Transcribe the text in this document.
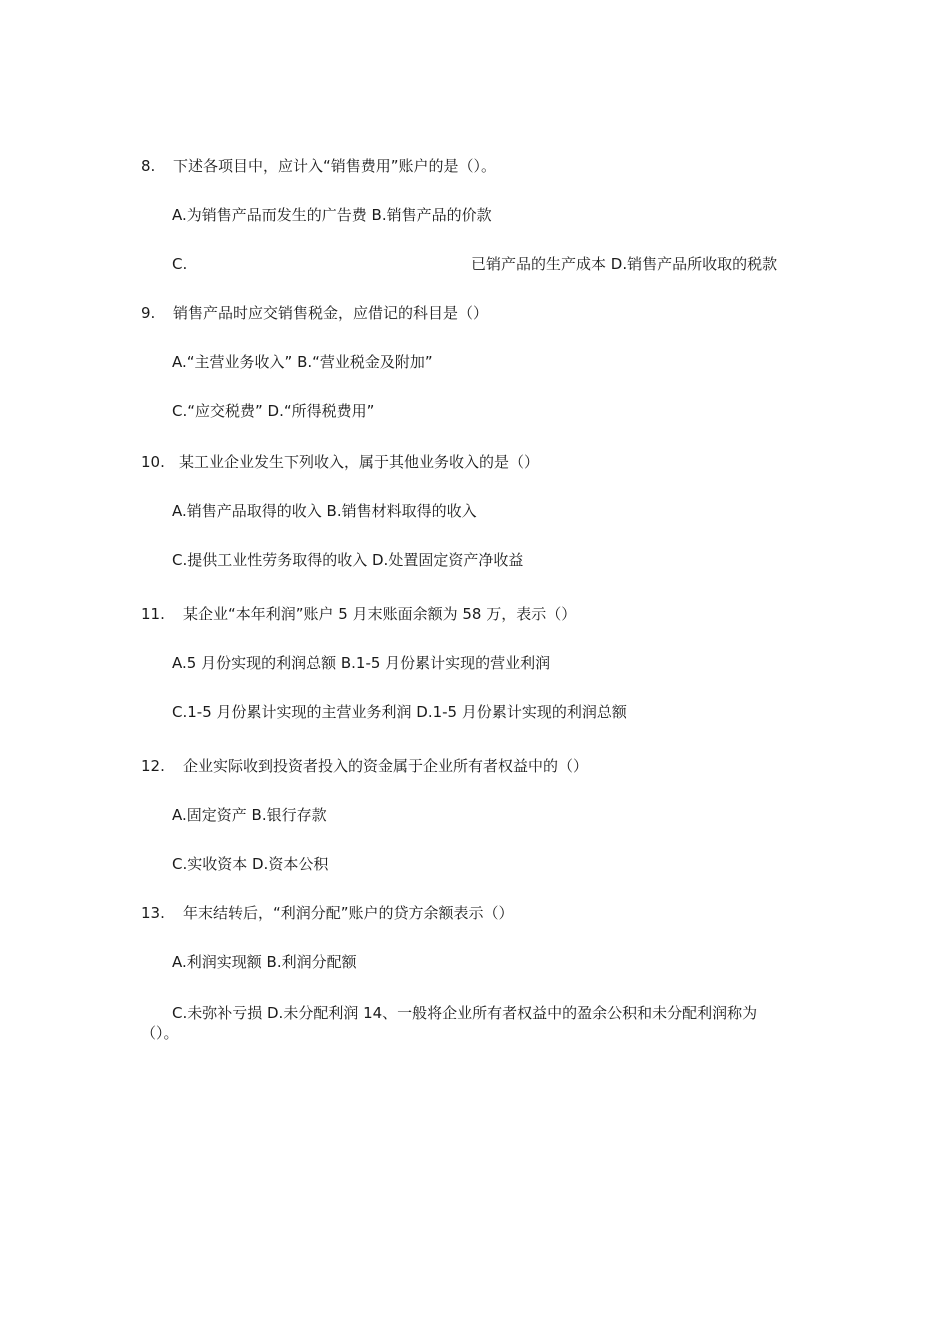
8. 下述各项目中，应计入“销售费用”账户的是（）。
A.为销售产品而发生的广告费 B.销售产品的价款
C.	已销产品的生产成本 D.销售产品所收取的税款
9. 销售产品时应交销售税金，应借记的科目是（）
A.“主营业务收入” B.“营业税金及附加”
C.“应交税费” D.“所得税费用”
10. 某工业企业发生下列收入，属于其他业务收入的是（）
A.销售产品取得的收入 B.销售材料取得的收入
C.提供工业性劳务取得的收入 D.处置固定资产净收益
11. 某企业“本年利润”账户 5 月末账面余额为 58 万，表示（）
A.5 月份实现的利润总额 B.1-5 月份累计实现的营业利润
C.1-5 月份累计实现的主营业务利润 D.1-5 月份累计实现的利润总额
12. 企业实际收到投资者投入的资金属于企业所有者权益中的（）
A.固定资产 B.银行存款
C.实收资本 D.资本公积
13. 年末结转后，“利润分配”账户的贷方余额表示（）
A.利润实现额 B.利润分配额
C.未弥补亏损 D.未分配利润 14、一般将企业所有者权益中的盈余公积和未分配利润称为
（）。
